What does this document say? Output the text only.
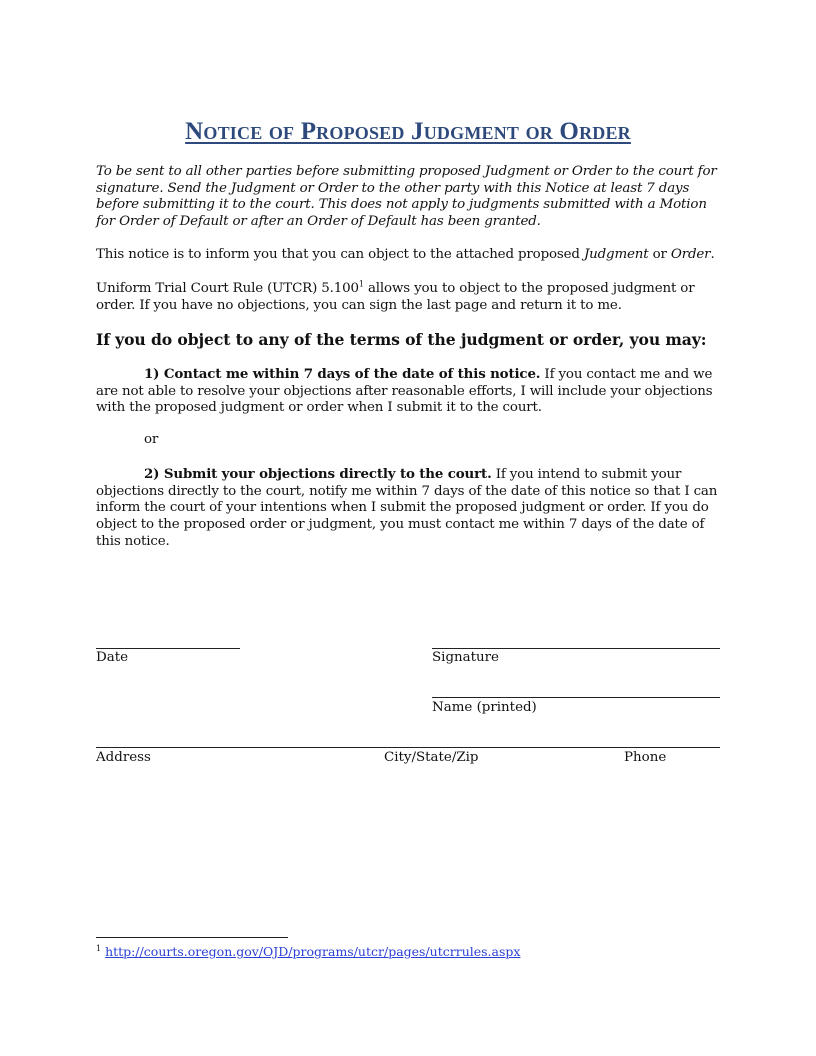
Notice of Proposed Judgment or Order
To be sent to all other parties before submitting proposed Judgment or Order to the court for signature. Send the Judgment or Order to the other party with this Notice at least 7 days before submitting it to the court. This does not apply to judgments submitted with a Motion for Order of Default or after an Order of Default has been granted.
This notice is to inform you that you can object to the attached proposed Judgment or Order.
Uniform Trial Court Rule (UTCR) 5.100$^1$ allows you to object to the proposed judgment or order. If you have no objections, you can sign the last page and return it to me.
If you do object to any of the terms of the judgment or order, you may:
1) Contact me within 7 days of the date of this notice. If you contact me and we are not able to resolve your objections after reasonable efforts, I will include your objections with the proposed judgment or order when I submit it to the court.
or
2) Submit your objections directly to the court. If you intend to submit your objections directly to the court, notify me within 7 days of the date of this notice so that I can inform the court of your intentions when I submit the proposed judgment or order. If you do object to the proposed order or judgment, you must contact me within 7 days of the date of this notice.
Date	Signature
Name (printed)
Address	City/State/Zip	Phone
$^1$ http://courts.oregon.gov/OJD/programs/utcr/pages/utcrrules.aspx
